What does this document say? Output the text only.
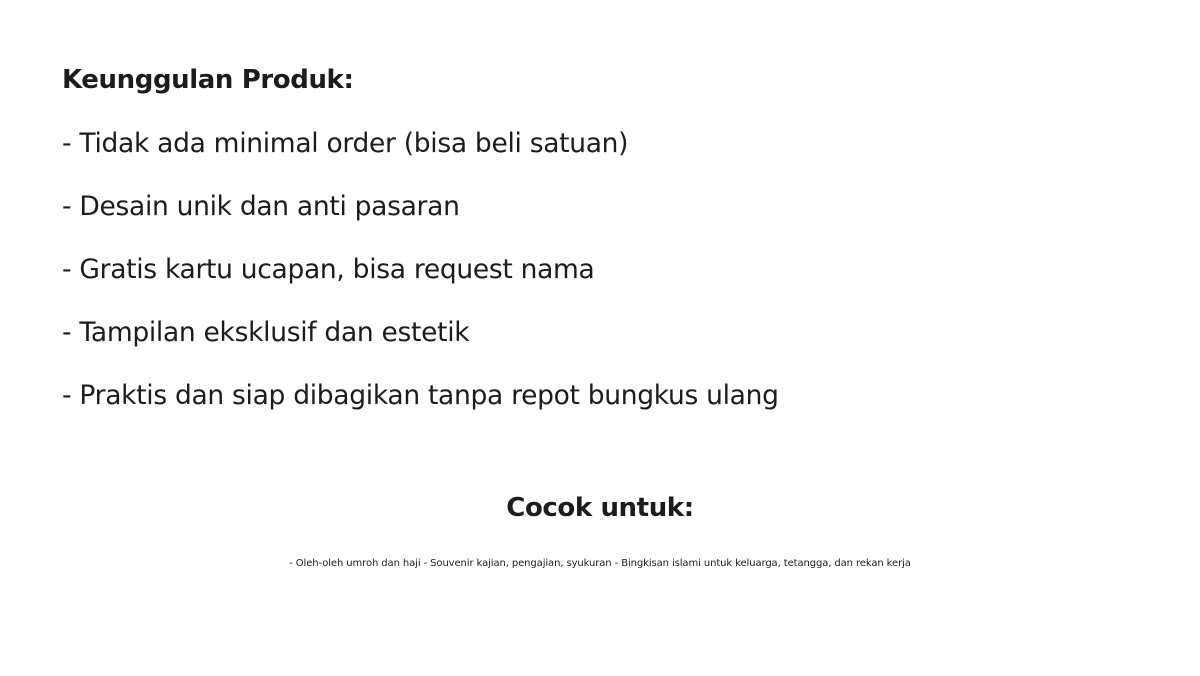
Keunggulan Produk:
- Tidak ada minimal order (bisa beli satuan)
- Desain unik dan anti pasaran
- Gratis kartu ucapan, bisa request nama
- Tampilan eksklusif dan estetik
- Praktis dan siap dibagikan tanpa repot bungkus ulang
Cocok untuk:

- Oleh-oleh umroh dan haji - Souvenir kajian, pengajian, syukuran - Bingkisan islami untuk keluarga, tetangga, dan rekan kerja
